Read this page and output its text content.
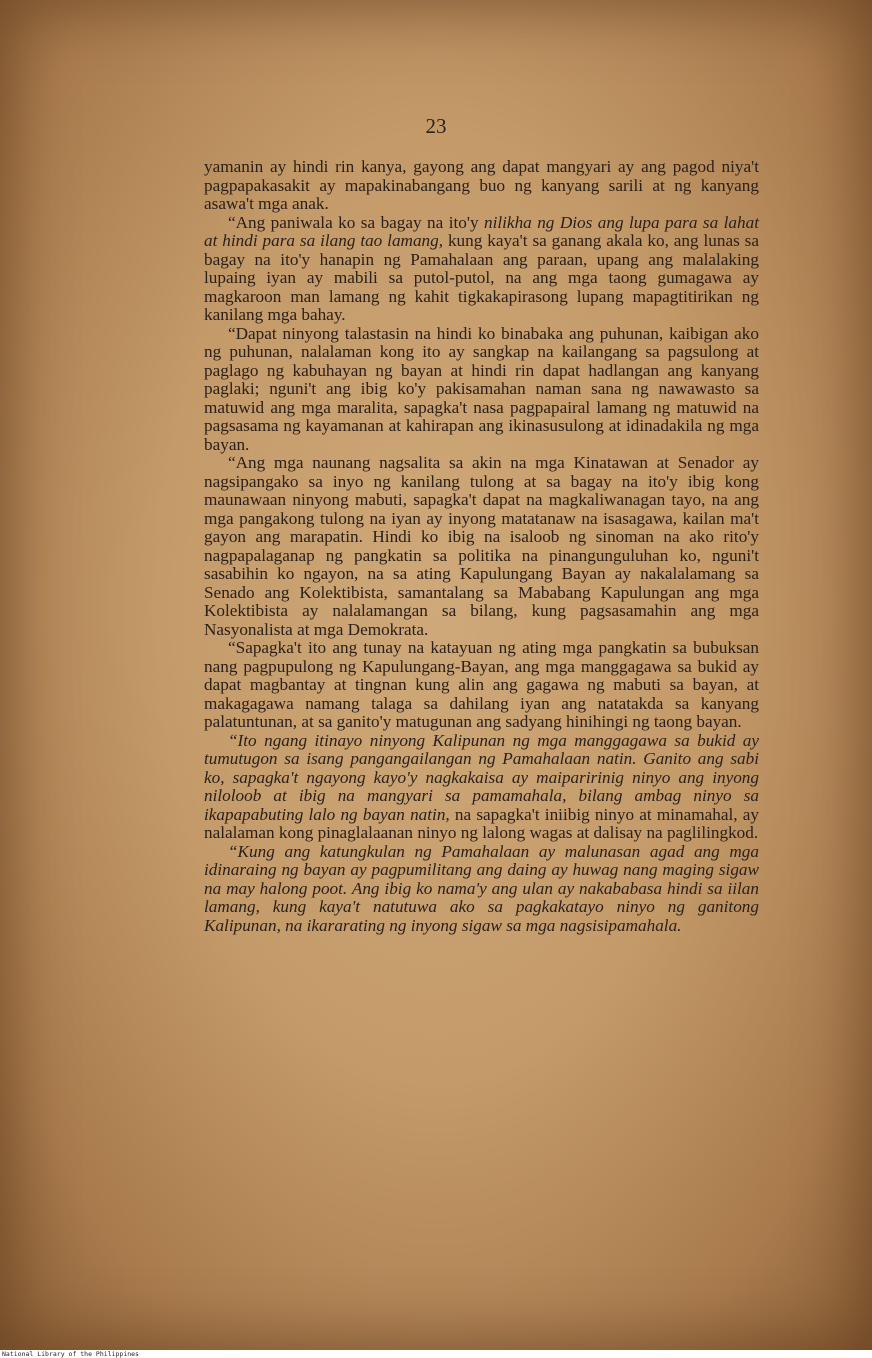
23

yamanin ay hindi rin kanya, gayong ang dapat mangyari ay ang pagod niya't pagpapakasakit ay mapakinabangang buo ng kanyang sarili at ng kanyang asawa't mga anak.

“Ang paniwala ko sa bagay na ito'y nilikha ng Dios ang lupa para sa lahat at hindi para sa ilang tao lamang, kung kaya't sa ganang akala ko, ang lunas sa bagay na ito'y hanapin ng Pamahalaan ang paraan, upang ang malalaking lupaing iyan ay mabili sa putol-putol, na ang mga taong gumagawa ay magkaroon man lamang ng kahit tigkakapirasong lupang mapagtitirikan ng kanilang mga bahay.

“Dapat ninyong talastasin na hindi ko binabaka ang puhunan, kaibigan ako ng puhunan, nalalaman kong ito ay sangkap na kailangang sa pagsulong at paglago ng kabuhayan ng bayan at hindi rin dapat hadlangan ang kanyang paglaki; nguni't ang ibig ko'y pakisamahan naman sana ng nawawasto sa matuwid ang mga maralita, sapagka't nasa pagpapairal lamang ng matuwid na pagsasama ng kayamanan at kahirapan ang ikinasusulong at idinadakila ng mga bayan.

“Ang mga naunang nagsalita sa akin na mga Kinatawan at Senador ay nagsipangako sa inyo ng kanilang tulong at sa bagay na ito'y ibig kong maunawaan ninyong mabuti, sapagka't dapat na magkaliwanagan tayo, na ang mga pangakong tulong na iyan ay inyong matatanaw na isasagawa, kailan ma't gayon ang marapatin. Hindi ko ibig na isaloob ng sinoman na ako rito'y nagpapalaganap ng pangkatin sa politika na pinangunguluhan ko, nguni't sasabihin ko ngayon, na sa ating Kapulungang Bayan ay nakalalamang sa Senado ang Kolektibista, samantalang sa Mababang Kapulungan ang mga Kolektibista ay nalalamangan sa bilang, kung pagsasamahin ang mga Nasyonalista at mga Demokrata.

“Sapagka't ito ang tunay na katayuan ng ating mga pangkatin sa bubuksan nang pagpupulong ng Kapulungang-Bayan, ang mga manggagawa sa bukid ay dapat magbantay at tingnan kung alin ang gagawa ng mabuti sa bayan, at makagagawa namang talaga sa dahilang iyan ang natatakda sa kanyang palatuntunan, at sa ganito'y matugunan ang sadyang hinihingi ng taong bayan.

“Ito ngang itinayo ninyong Kalipunan ng mga manggagawa sa bukid ay tumutugon sa isang pangangailangan ng Pamahalaan natin. Ganito ang sabi ko, sapagka't ngayong kayo'y nagkakaisa ay maiparirinig ninyo ang inyong niloloob at ibig na mangyari sa pamamahala, bilang ambag ninyo sa ikapapabuting lalo ng bayan natin, na sapagka't iniibig ninyo at minamahal, ay nalalaman kong pinaglalaanan ninyo ng lalong wagas at dalisay na paglilingkod.

“Kung ang katungkulan ng Pamahalaan ay malunasan agad ang mga idinaraing ng bayan ay pagpumilitang ang daing ay huwag nang maging sigaw na may halong poot. Ang ibig ko nama'y ang ulan ay nakababasa hindi sa iilan lamang, kung kaya't natutuwa ako sa pagkakatayo ninyo ng ganitong Kalipunan, na ikararating ng inyong sigaw sa mga nagsisipamahala.

National Library of the Philippines
